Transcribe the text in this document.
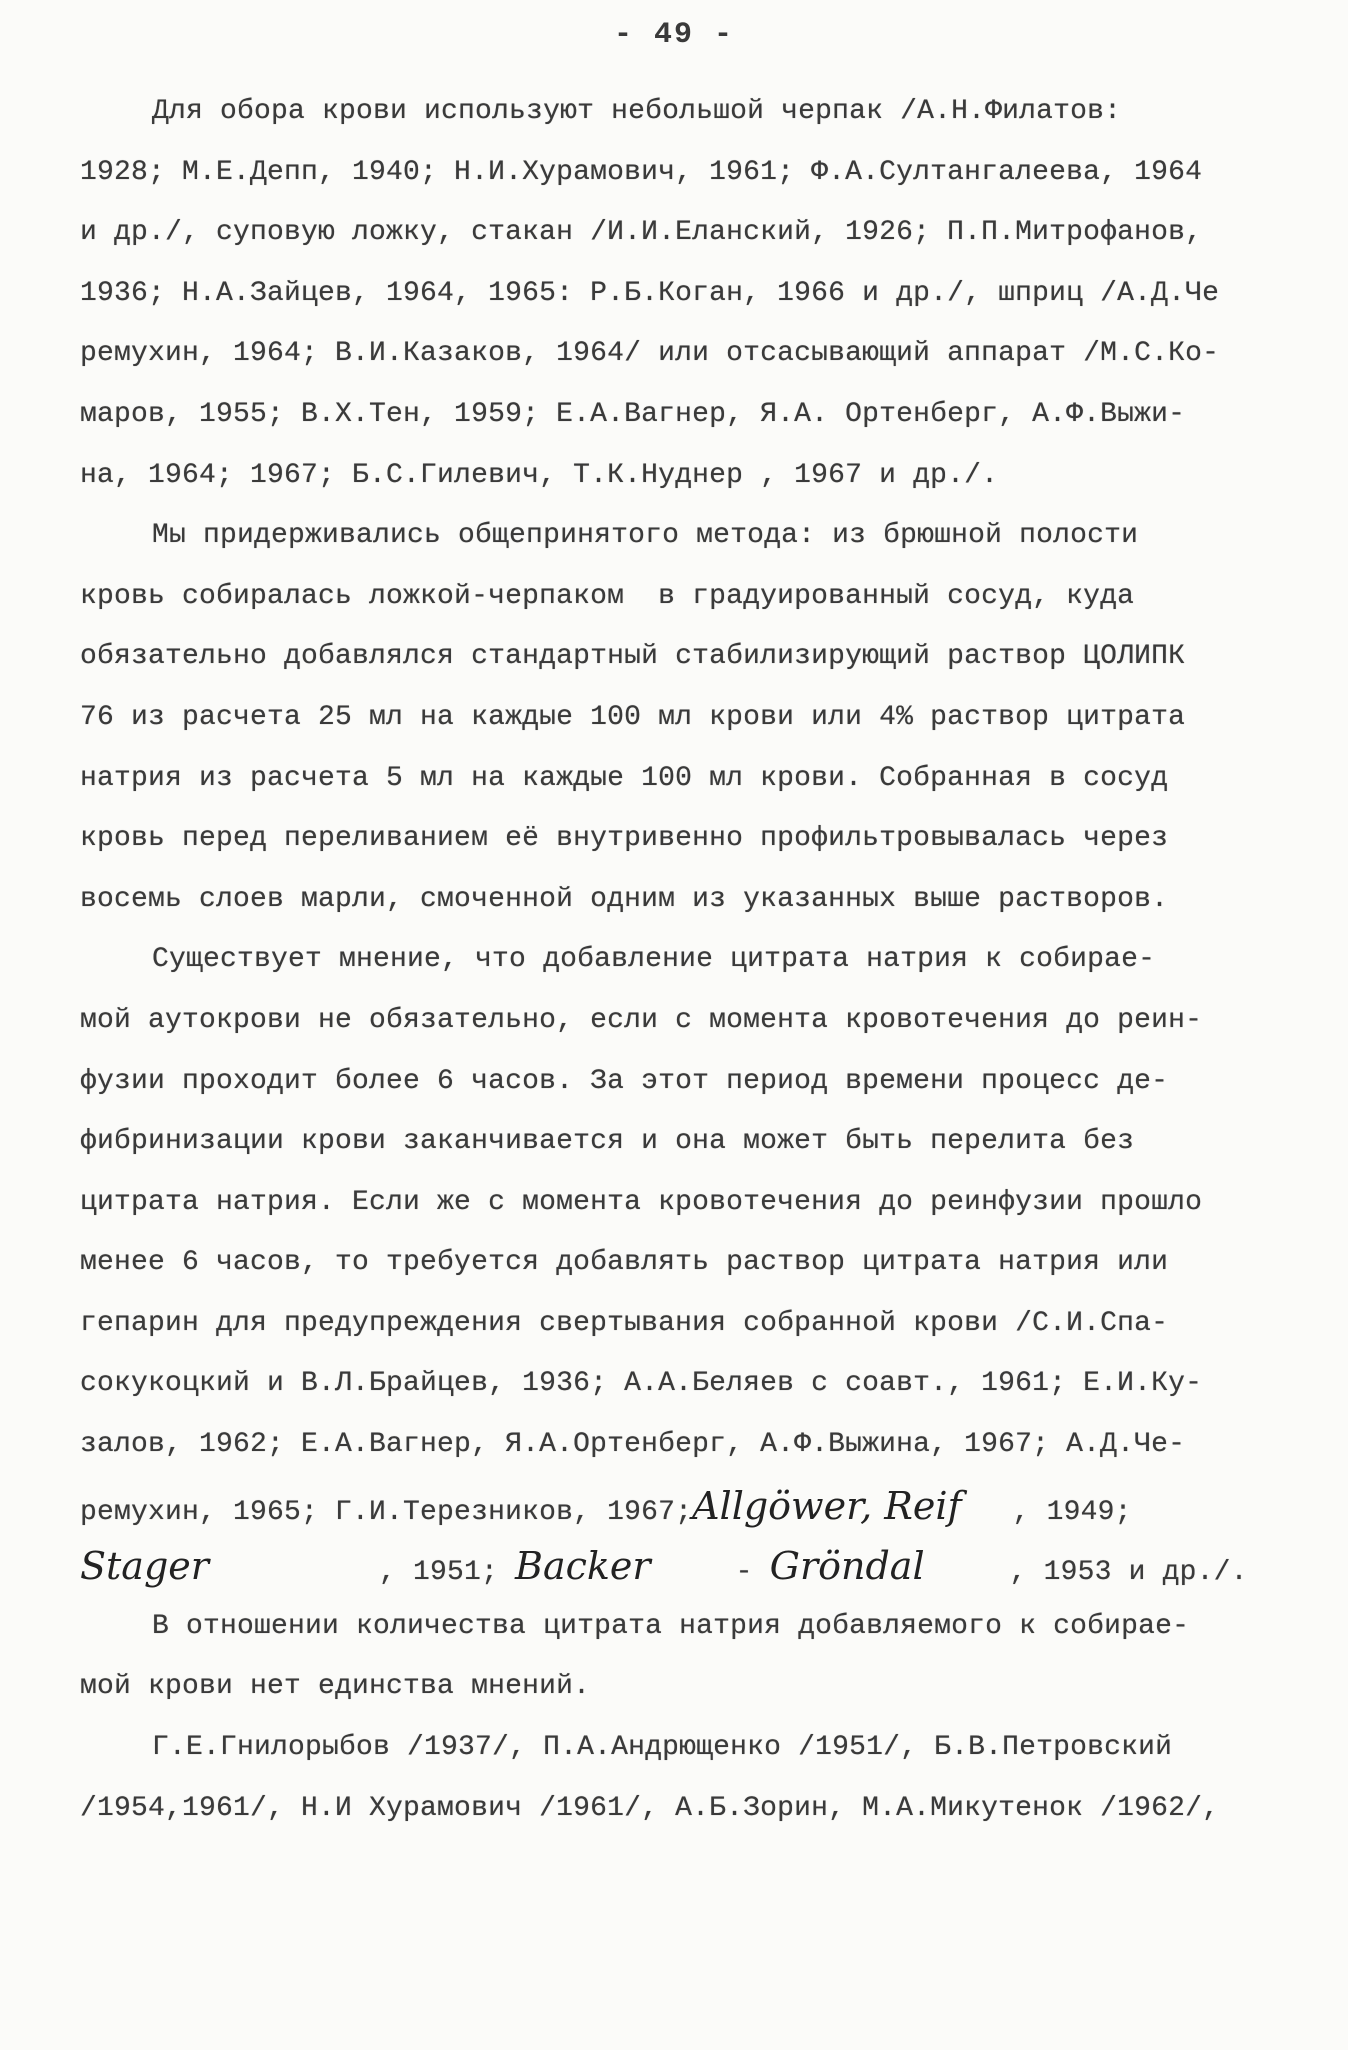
- 49 -
Для обора крови используют небольшой черпак /А.Н.Филатов:
1928; М.Е.Депп, 1940; Н.И.Хурамович, 1961; Ф.А.Султангалеева, 1964
и др./, суповую ложку, стакан /И.И.Еланский, 1926; П.П.Митрофанов,
1936; Н.А.Зайцев, 1964, 1965: Р.Б.Коган, 1966 и др./, шприц /А.Д.Че
ремухин, 1964; В.И.Казаков, 1964/ или отсасывающий аппарат /М.С.Ко-
маров, 1955; В.Х.Тен, 1959; Е.А.Вагнер, Я.А. Ортенберг, А.Ф.Выжи-
на, 1964; 1967; Б.С.Гилевич, Т.К.Нуднер , 1967 и др./.
Мы придерживались общепринятого метода: из брюшной полости
кровь собиралась ложкой-черпаком  в градуированный сосуд, куда
обязательно добавлялся стандартный стабилизирующий раствор ЦОЛИПК
76 из расчета 25 мл на каждые 100 мл крови или 4% раствор цитрата
натрия из расчета 5 мл на каждые 100 мл крови. Собранная в сосуд
кровь перед переливанием её внутривенно профильтровывалась через
восемь слоев марли, смоченной одним из указанных выше растворов.
Существует мнение, что добавление цитрата натрия к собирае-
мой аутокрови не обязательно, если с момента кровотечения до реин-
фузии проходит более 6 часов. За этот период времени процесс де-
фибринизации крови заканчивается и она может быть перелита без
цитрата натрия. Если же с момента кровотечения до реинфузии прошло
менее 6 часов, то требуется добавлять раствор цитрата натрия или
гепарин для предупреждения свертывания собранной крови /С.И.Спа-
сокукоцкий и В.Л.Брайцев, 1936; А.А.Беляев с соавт., 1961; Е.И.Ку-
залов, 1962; Е.А.Вагнер, Я.А.Ортенберг, А.Ф.Выжина, 1967; А.Д.Че-
ремухин, 1965; Г.И.Терезников, 1967;Allgöwer, Reif , 1949;
Stager	, 1951; Backer	- Gröndal	, 1953 и др./.
В отношении количества цитрата натрия добавляемого к собирае-
мой крови нет единства мнений.
Г.Е.Гнилорыбов /1937/, П.А.Андрющенко /1951/, Б.В.Петровский
/1954,1961/, Н.И Хурамович /1961/, А.Б.Зорин, М.А.Микутенок /1962/,
